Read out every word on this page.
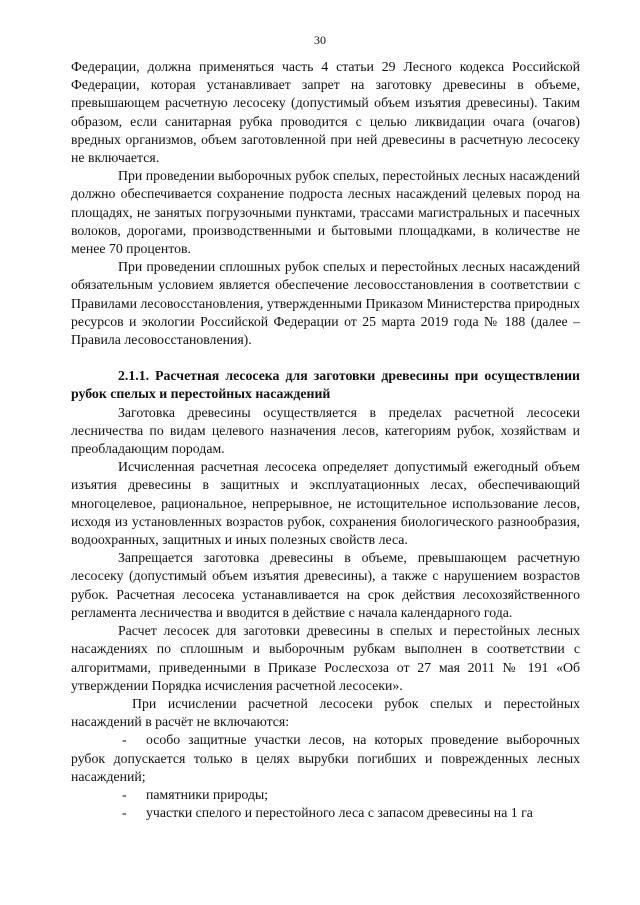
30

Федерации, должна применяться часть 4 статьи 29 Лесного кодекса Российской Федерации, которая устанавливает запрет на заготовку древесины в объеме, превышающем расчетную лесосеку (допустимый объем изъятия древесины). Таким образом, если санитарная рубка проводится с целью ликвидации очага (очагов) вредных организмов, объем заготовленной при ней древесины в расчетную лесосеку не включается.

При проведении выборочных рубок спелых, перестойных лесных насаждений должно обеспечивается сохранение подроста лесных насаждений целевых пород на площадях, не занятых погрузочными пунктами, трассами магистральных и пасечных волоков, дорогами, производственными и бытовыми площадками, в количестве не менее 70 процентов.

При проведении сплошных рубок спелых и перестойных лесных насаждений обязательным условием является обеспечение лесовосстановления в соответствии с Правилами лесовосстановления, утвержденными Приказом Министерства природных ресурсов и экологии Российской Федерации от 25 марта 2019 года № 188 (далее – Правила лесовосстановления).

2.1.1. Расчетная лесосека для заготовки древесины при осуществлении рубок спелых и перестойных насаждений

Заготовка древесины осуществляется в пределах расчетной лесосеки лесничества по видам целевого назначения лесов, категориям рубок, хозяйствам и преобладающим породам.

Исчисленная расчетная лесосека определяет допустимый ежегодный объем изъятия древесины в защитных и эксплуатационных лесах, обеспечивающий многоцелевое, рациональное, непрерывное, не истощительное использование лесов, исходя из установленных возрастов рубок, сохранения биологического разнообразия, водоохранных, защитных и иных полезных свойств леса.

Запрещается заготовка древесины в объеме, превышающем расчетную лесосеку (допустимый объем изъятия древесины), а также с нарушением возрастов рубок. Расчетная лесосека устанавливается на срок действия лесохозяйственного регламента лесничества и вводится в действие с начала календарного года.

Расчет лесосек для заготовки древесины в спелых и перестойных лесных насаждениях по сплошным и выборочным рубкам выполнен в соответствии с алгоритмами, приведенными в Приказе Рослесхоза от 27 мая 2011 № 191 «Об утверждении Порядка исчисления расчетной лесосеки».

При исчислении расчетной лесосеки рубок спелых и перестойных насаждений в расчёт не включаются:

- особо защитные участки лесов, на которых проведение выборочных рубок допускается только в целях вырубки погибших и поврежденных лесных насаждений;
- памятники природы;
- участки спелого и перестойного леса с запасом древесины на 1 га
